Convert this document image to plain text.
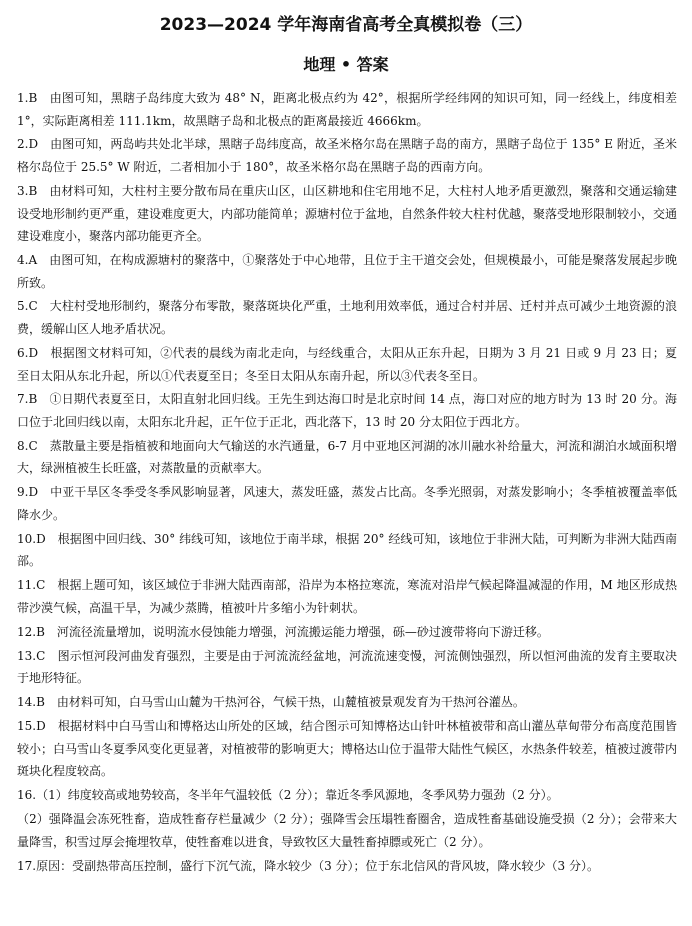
2023—2024 学年海南省高考全真模拟卷（三）
地理 • 答案

1.B　由图可知，黑瞎子岛纬度大致为 48° N，距离北极点约为 42°，根据所学经纬网的知识可知，同一经线上，纬度相差 1°，实际距离相差 111.1km，故黑瞎子岛和北极点的距离最接近 4666km。

2.D　由图可知，两岛屿共处北半球，黑瞎子岛纬度高，故圣米格尔岛在黑瞎子岛的南方，黑瞎子岛位于 135° E 附近，圣米格尔岛位于 25.5° W 附近，二者相加小于 180°，故圣米格尔岛在黑瞎子岛的西南方向。

3.B　由材料可知，大柱村主要分散布局在重庆山区，山区耕地和住宅用地不足，大柱村人地矛盾更激烈，聚落和交通运输建设受地形制约更严重，建设难度更大，内部功能简单；源塘村位于盆地，自然条件较大柱村优越，聚落受地形限制较小，交通建设难度小，聚落内部功能更齐全。

4.A　由图可知，在构成源塘村的聚落中，①聚落处于中心地带，且位于主干道交会处，但规模最小，可能是聚落发展起步晚所致。

5.C　大柱村受地形制约，聚落分布零散，聚落斑块化严重，土地利用效率低，通过合村并居、迁村并点可减少土地资源的浪费，缓解山区人地矛盾状况。

6.D　根据图文材料可知，②代表的晨线为南北走向，与经线重合，太阳从正东升起，日期为 3 月 21 日或 9 月 23 日；夏至日太阳从东北升起，所以①代表夏至日；冬至日太阳从东南升起，所以③代表冬至日。

7.B　①日期代表夏至日，太阳直射北回归线。王先生到达海口时是北京时间 14 点，海口对应的地方时为 13 时 20 分。海口位于北回归线以南，太阳东北升起，正午位于正北，西北落下，13 时 20 分太阳位于西北方。

8.C　蒸散量主要是指植被和地面向大气输送的水汽通量，6-7 月中亚地区河湖的冰川融水补给量大，河流和湖泊水域面积增大，绿洲植被生长旺盛，对蒸散量的贡献率大。

9.D　中亚干旱区冬季受冬季风影响显著，风速大，蒸发旺盛，蒸发占比高。冬季光照弱，对蒸发影响小；冬季植被覆盖率低降水少。

10.D　根据图中回归线、30° 纬线可知，该地位于南半球，根据 20° 经线可知，该地位于非洲大陆，可判断为非洲大陆西南部。

11.C　根据上题可知，该区域位于非洲大陆西南部，沿岸为本格拉寒流，寒流对沿岸气候起降温减湿的作用，M 地区形成热带沙漠气候，高温干旱，为减少蒸腾，植被叶片多缩小为针刺状。

12.B　河流径流量增加，说明流水侵蚀能力增强，河流搬运能力增强，砾—砂过渡带将向下游迁移。

13.C　图示恒河段河曲发育强烈，主要是由于河流流经盆地，河流流速变慢，河流侧蚀强烈，所以恒河曲流的发育主要取决于地形特征。

14.B　由材料可知，白马雪山山麓为干热河谷，气候干热，山麓植被景观发育为干热河谷灌丛。

15.D　根据材料中白马雪山和博格达山所处的区域，结合图示可知博格达山针叶林植被带和高山灌丛草甸带分布高度范围皆较小；白马雪山冬夏季风变化更显著，对植被带的影响更大；博格达山位于温带大陆性气候区，水热条件较差，植被过渡带内斑块化程度较高。

16.（1）纬度较高或地势较高，冬半年气温较低（2 分）；靠近冬季风源地，冬季风势力强劲（2 分）。

（2）强降温会冻死牲畜，造成牲畜存栏量减少（2 分）；强降雪会压塌牲畜圈舍，造成牲畜基础设施受损（2 分）；会带来大量降雪，积雪过厚会掩埋牧草，使牲畜难以进食，导致牧区大量牲畜掉膘或死亡（2 分）。

17.原因：受副热带高压控制，盛行下沉气流，降水较少（3 分）；位于东北信风的背风坡，降水较少（3 分）。
